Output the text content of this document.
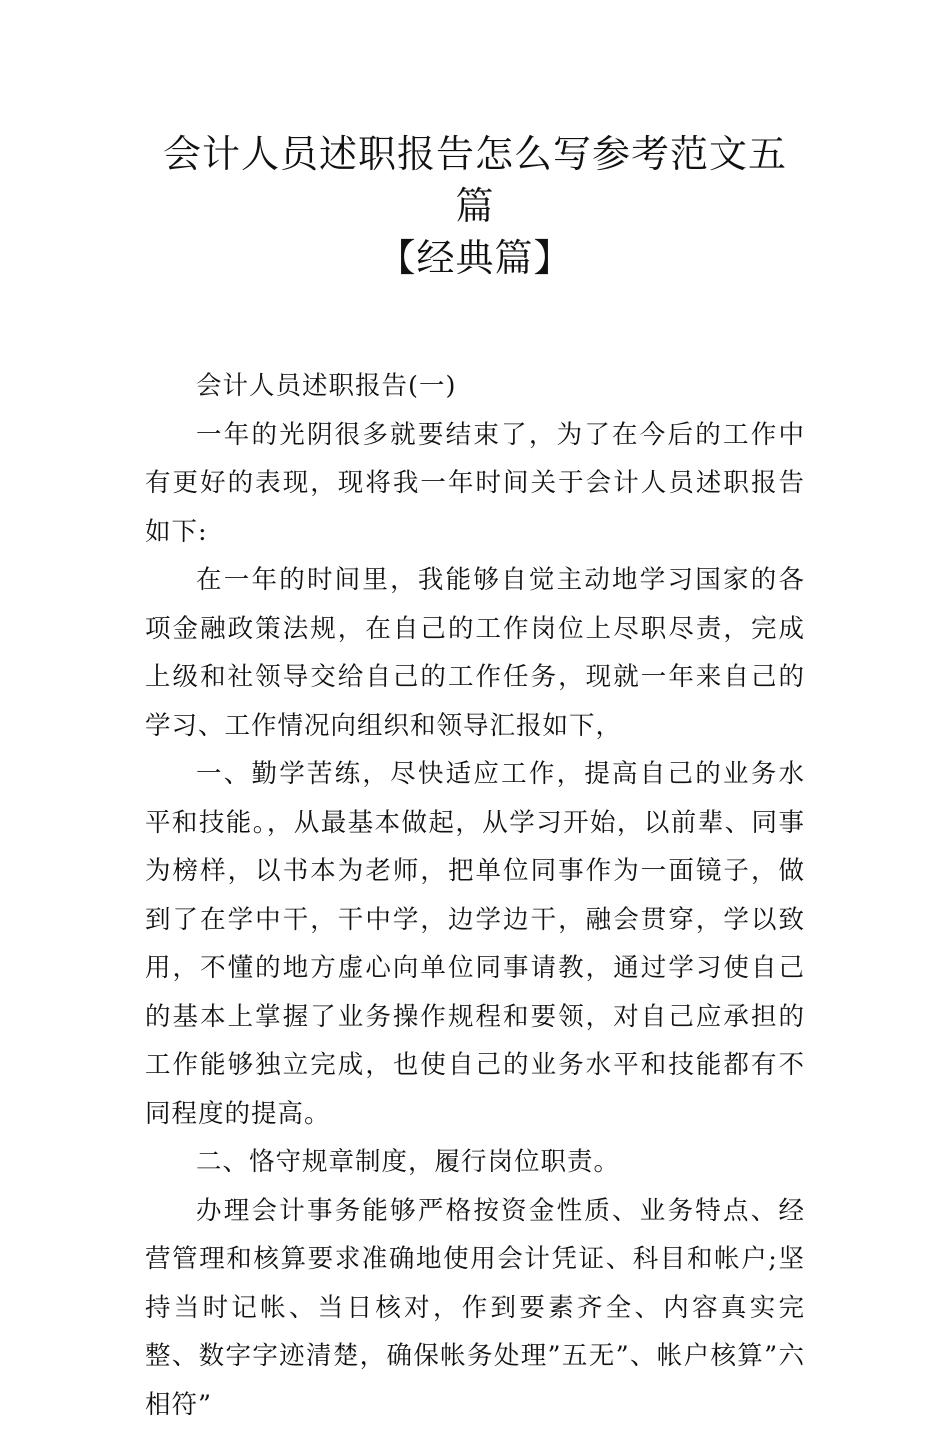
会计人员述职报告怎么写参考范文五篇
【经典篇】

会计人员述职报告(一)

一年的光阴很多就要结束了，为了在今后的工作中有更好的表现，现将我一年时间关于会计人员述职报告如下:

在一年的时间里，我能够自觉主动地学习国家的各项金融政策法规，在自己的工作岗位上尽职尽责，完成上级和社领导交给自己的工作任务，现就一年来自己的学习、工作情况向组织和领导汇报如下，

一、勤学苦练，尽快适应工作，提高自己的业务水平和技能。，从最基本做起，从学习开始，以前辈、同事为榜样，以书本为老师，把单位同事作为一面镜子，做到了在学中干，干中学，边学边干，融会贯穿，学以致用，不懂的地方虚心向单位同事请教，通过学习使自己的基本上掌握了业务操作规程和要领，对自己应承担的工作能够独立完成，也使自己的业务水平和技能都有不同程度的提高。

二、恪守规章制度，履行岗位职责。

办理会计事务能够严格按资金性质、业务特点、经营管理和核算要求准确地使用会计凭证、科目和帐户;坚持当时记帐、当日核对，作到要素齐全、内容真实完整、数字字迹清楚，确保帐务处理”五无”、帐户核算”六相符”
